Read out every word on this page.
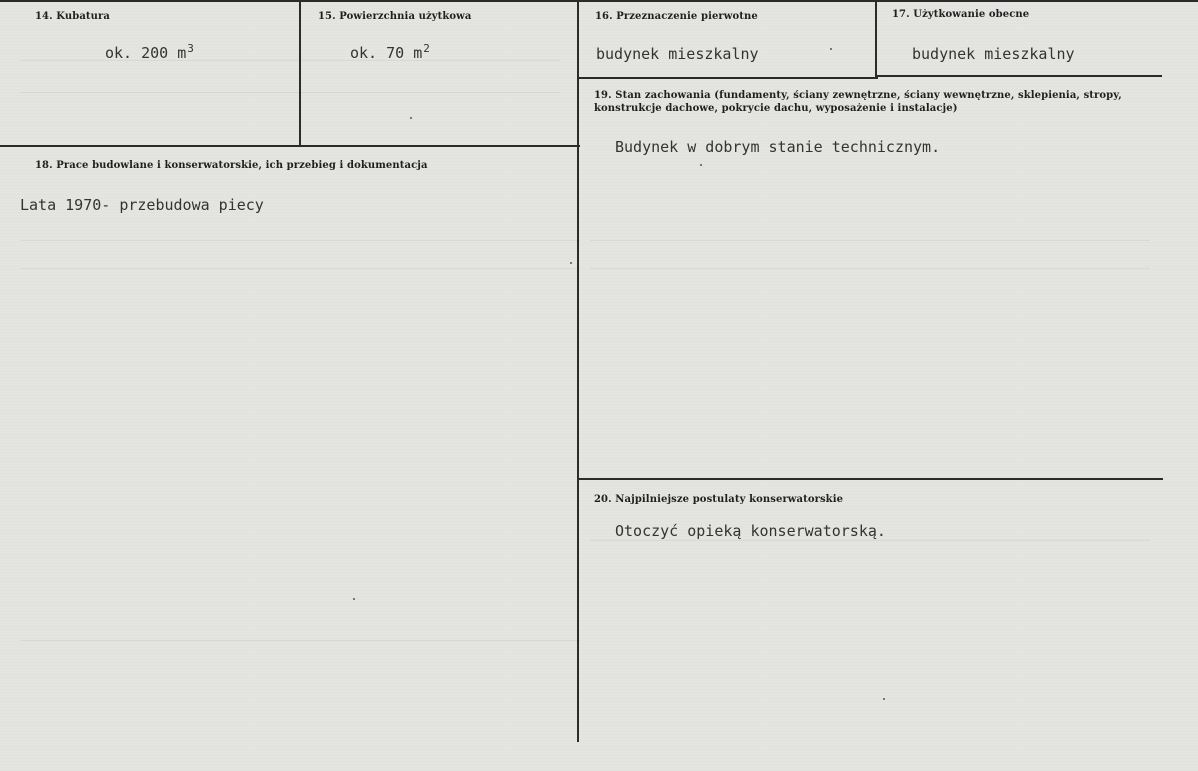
14. Kubatura
ok. 200 $m^3$
15. Powierzchnia użytkowa
ok. 70 $m^2$
16. Przeznaczenie pierwotne
budynek mieszkalny
17. Użytkowanie obecne
budynek mieszkalny
18. Prace budowlane i konserwatorskie, ich przebieg i dokumentacja
Lata 1970- przebudowa piecy
19. Stan zachowania (fundamenty, ściany zewnętrzne, ściany wewnętrzne, sklepienia, stropy, konstrukcje dachowe, pokrycie dachu, wyposażenie i instalacje)
Budynek w dobrym stanie technicznym.
20. Najpilniejsze postulaty konserwatorskie
Otoczyć opieką konserwatorską.
